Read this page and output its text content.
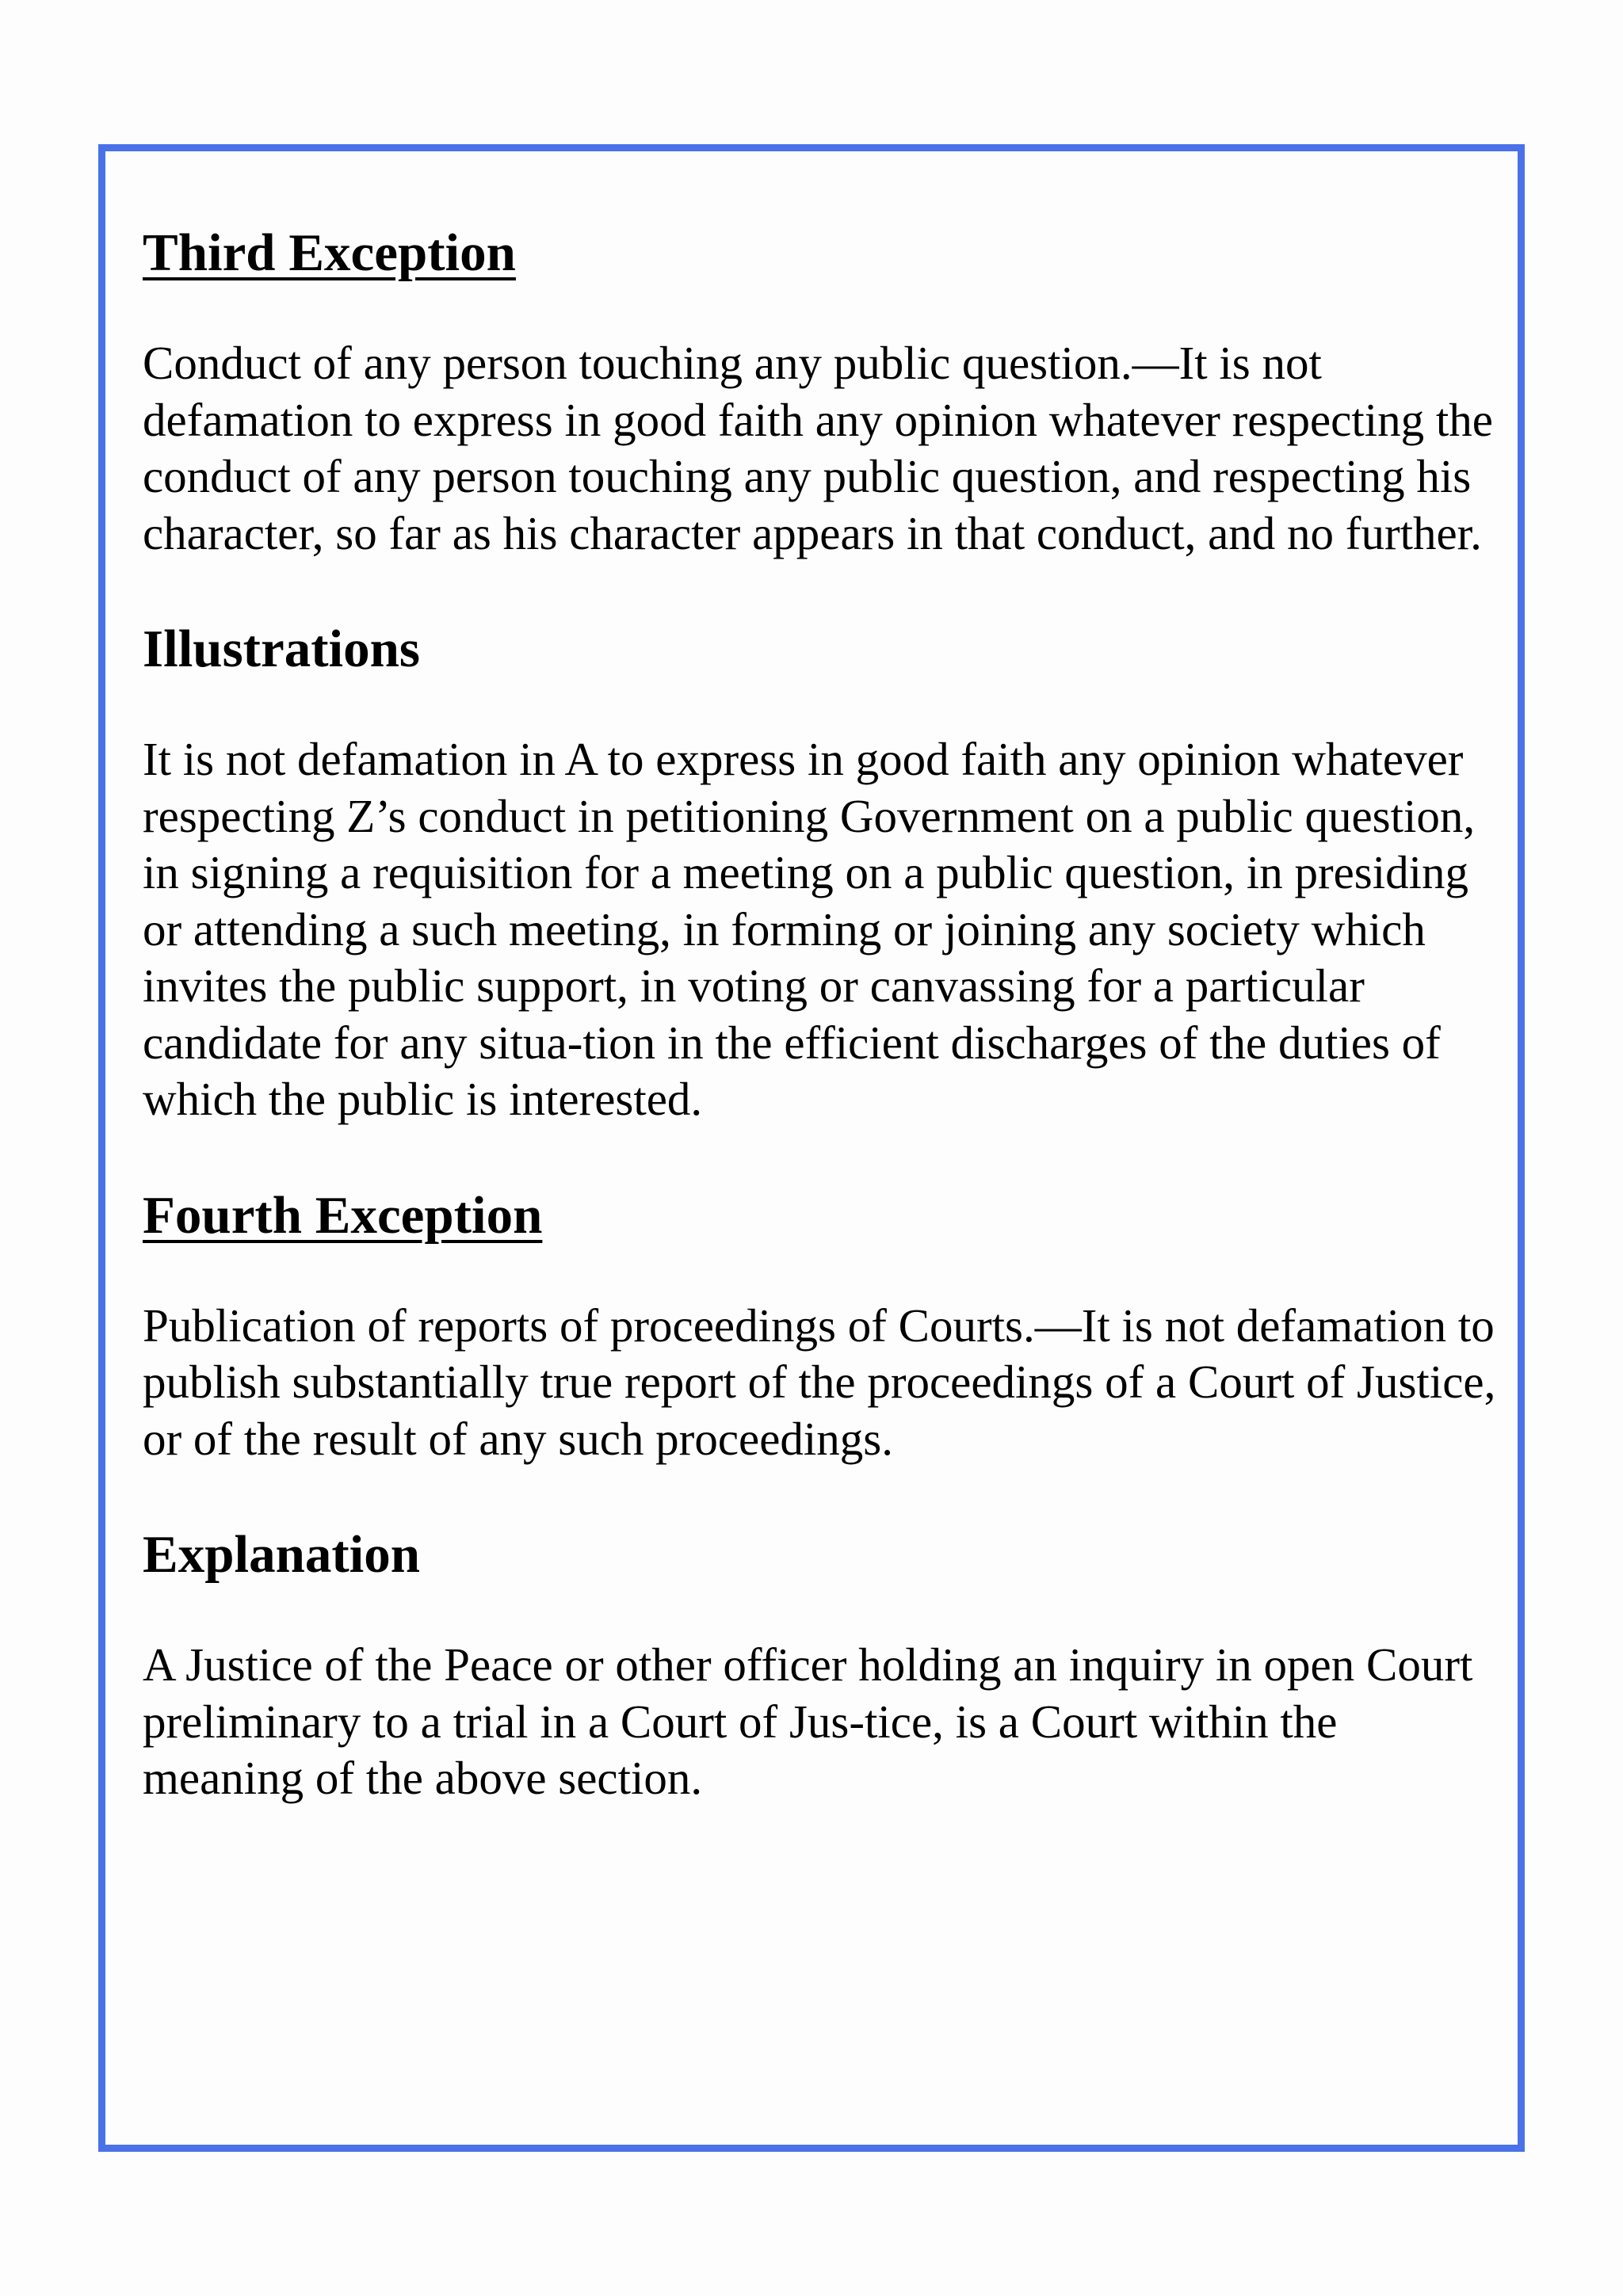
Third Exception

Conduct of any person touching any public question.—It is not defamation to express in good faith any opinion whatever respecting the conduct of any person touching any public question, and respecting his character, so far as his character appears in that conduct, and no further.

Illustrations

It is not defamation in A to express in good faith any opinion whatever respecting Z’s conduct in petitioning Government on a public question, in signing a requisition for a meeting on a public question, in presiding or attending a such meeting, in forming or joining any society which invites the public support, in voting or canvassing for a particular candidate for any situa-tion in the efficient discharges of the duties of which the public is interested.

Fourth Exception

Publication of reports of proceedings of Courts.—It is not defamation to publish substantially true report of the proceedings of a Court of Justice, or of the result of any such proceedings.

Explanation

A Justice of the Peace or other officer holding an inquiry in open Court preliminary to a trial in a Court of Jus-tice, is a Court within the meaning of the above section.
